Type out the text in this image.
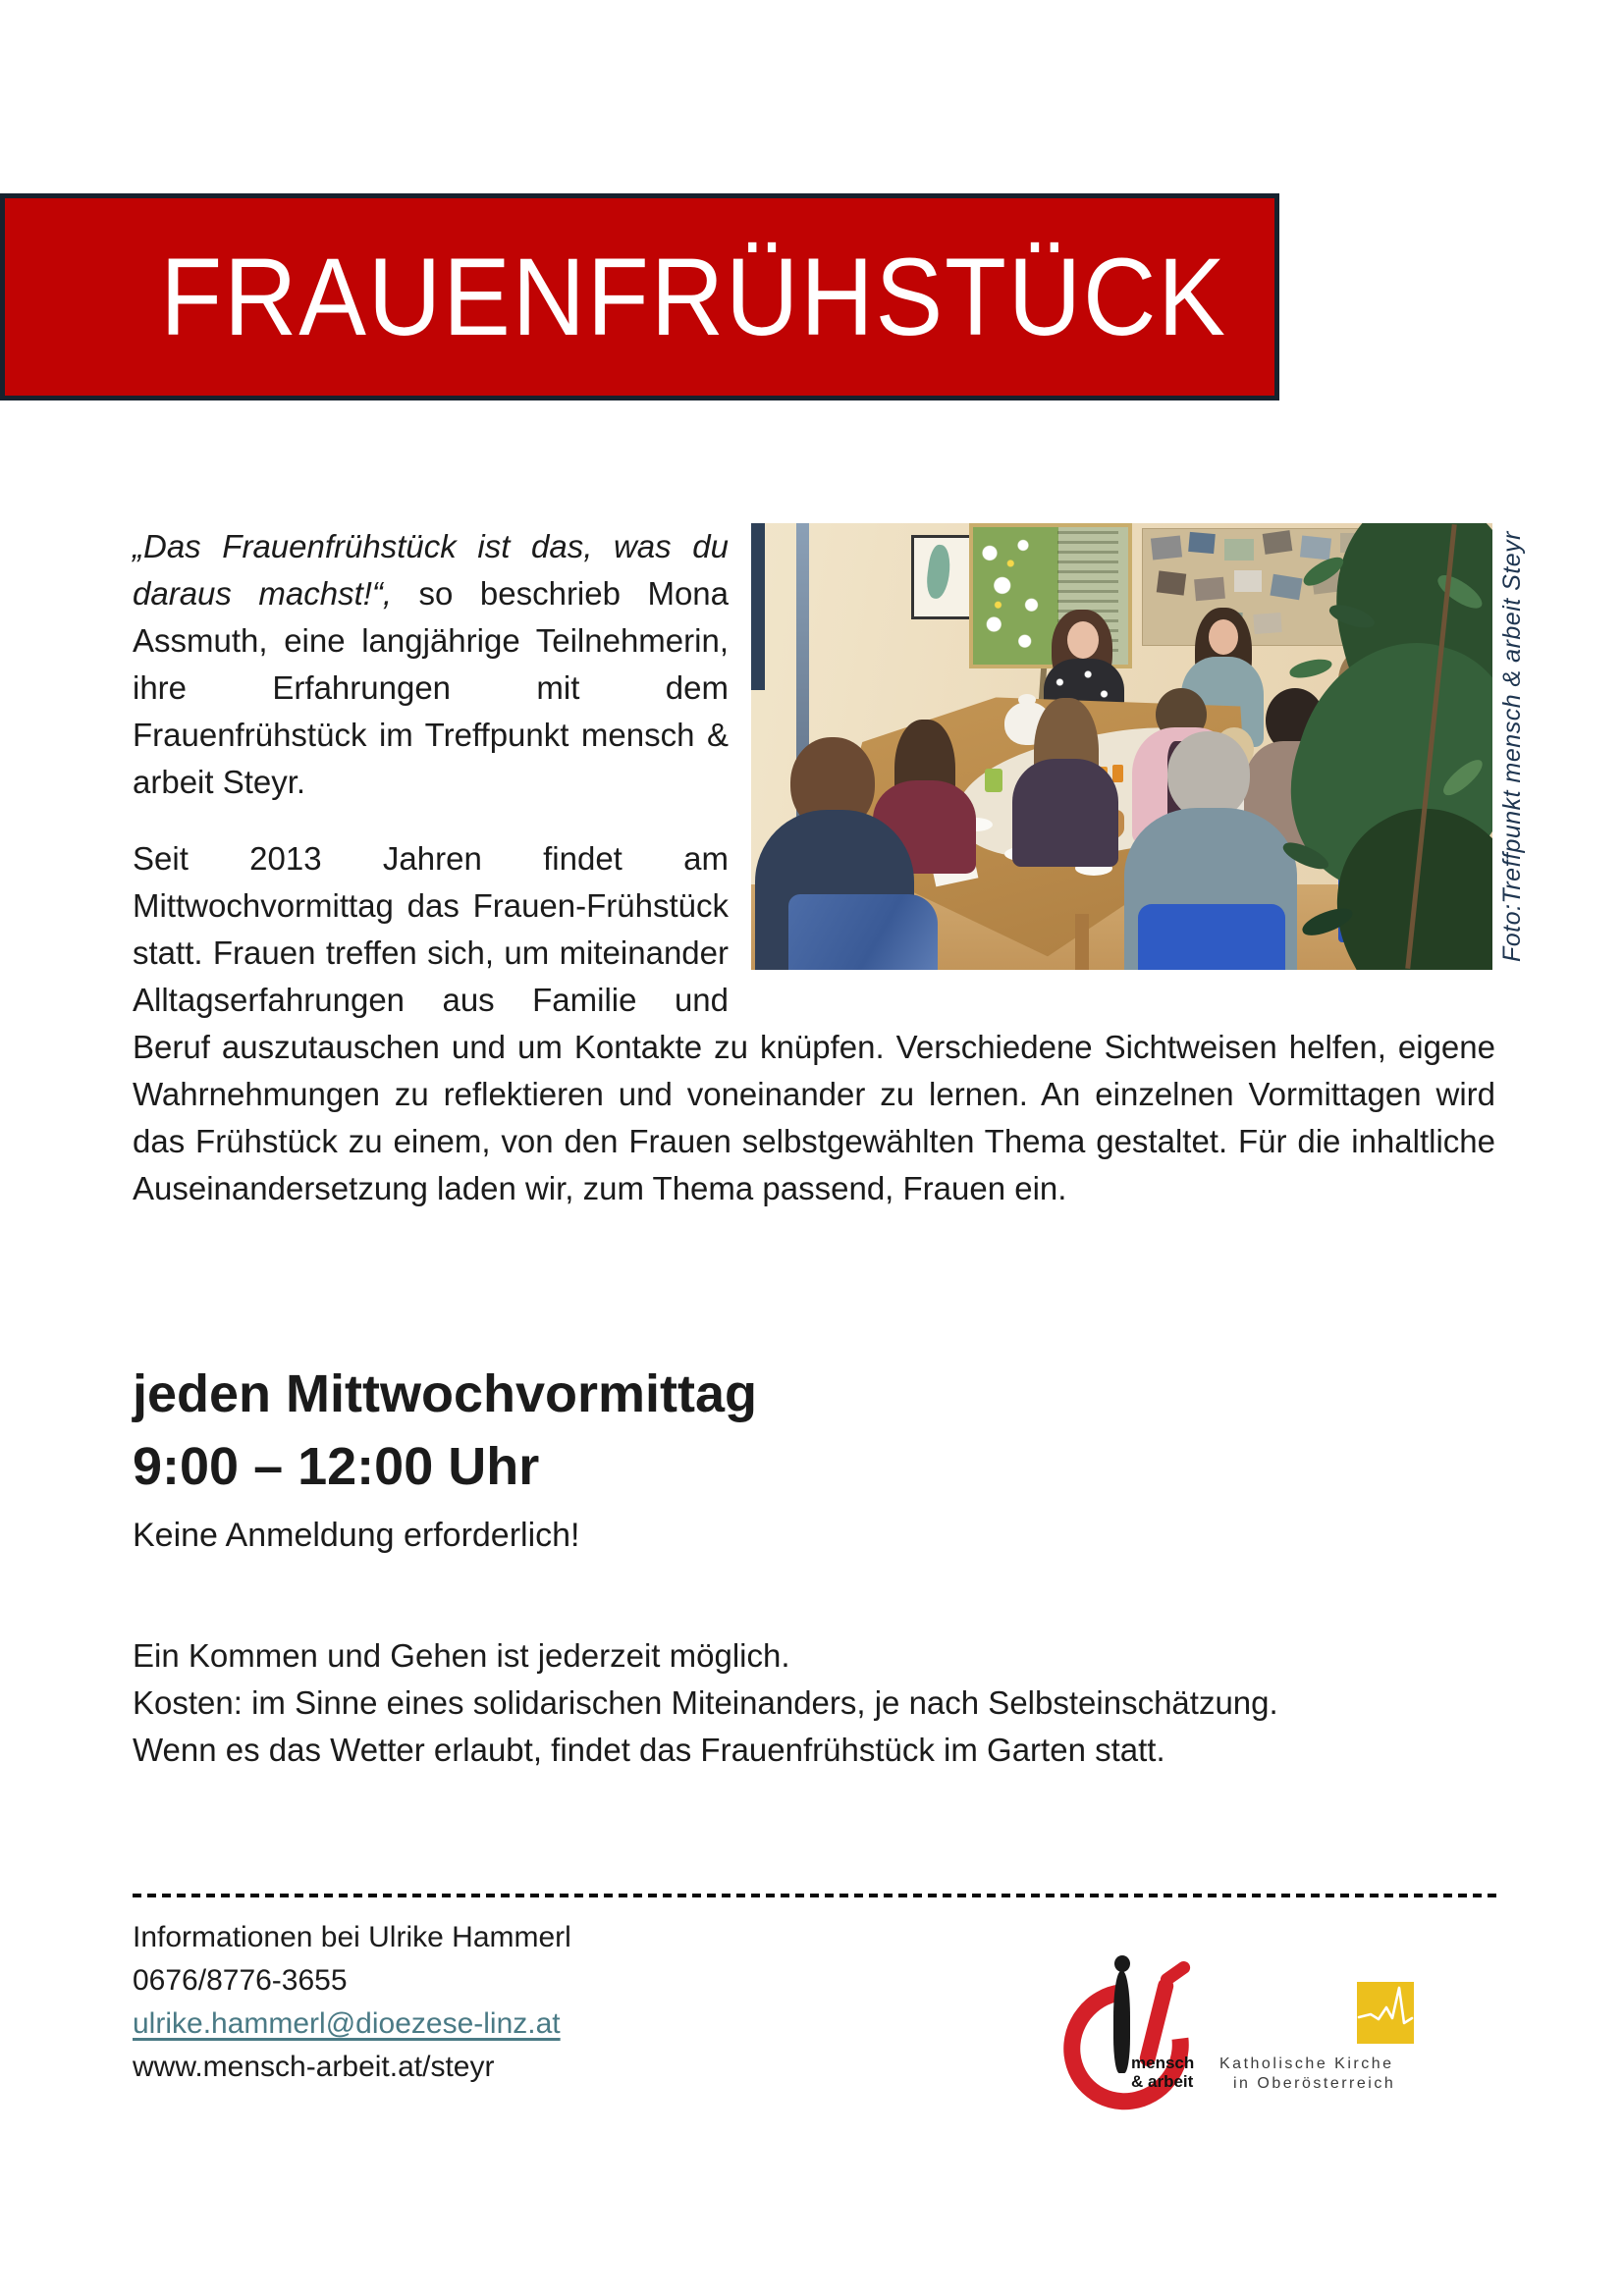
FRAUENFRÜHSTÜCK
Foto:Treffpunkt mensch & arbeit Steyr

„Das Frauenfrühstück ist das, was du daraus machst!“, so beschrieb Mona Assmuth, eine langjährige Teilnehmerin, ihre Erfahrungen mit dem Frauenfrühstück im Treffpunkt mensch & arbeit Steyr.

Seit 2013 Jahren findet am Mittwochvormittag das Frauen-Frühstück statt. Frauen treffen sich, um miteinander Alltagserfahrungen aus Familie und Beruf auszutauschen und um Kontakte zu knüpfen. Verschiedene Sichtweisen helfen, eigene Wahrnehmungen zu reflektieren und voneinander zu lernen. An einzelnen Vormittagen wird das Frühstück zu einem, von den Frauen selbstgewählten Thema gestaltet. Für die inhaltliche Auseinandersetzung laden wir, zum Thema passend, Frauen ein.

jeden Mittwochvormittag
9:00 – 12:00 Uhr
Keine Anmeldung erforderlich!
Ein Kommen und Gehen ist jederzeit möglich.
Kosten: im Sinne eines solidarischen Miteinanders, je nach Selbsteinschätzung.
Wenn es das Wetter erlaubt, findet das Frauenfrühstück im Garten statt.
Informationen bei Ulrike Hammerl
0676/8776-3655
ulrike.hammerl@dioezese-linz.at
www.mensch-arbeit.at/steyr	mensch
& arbeit
Katholische Kirche
in Oberösterreich
